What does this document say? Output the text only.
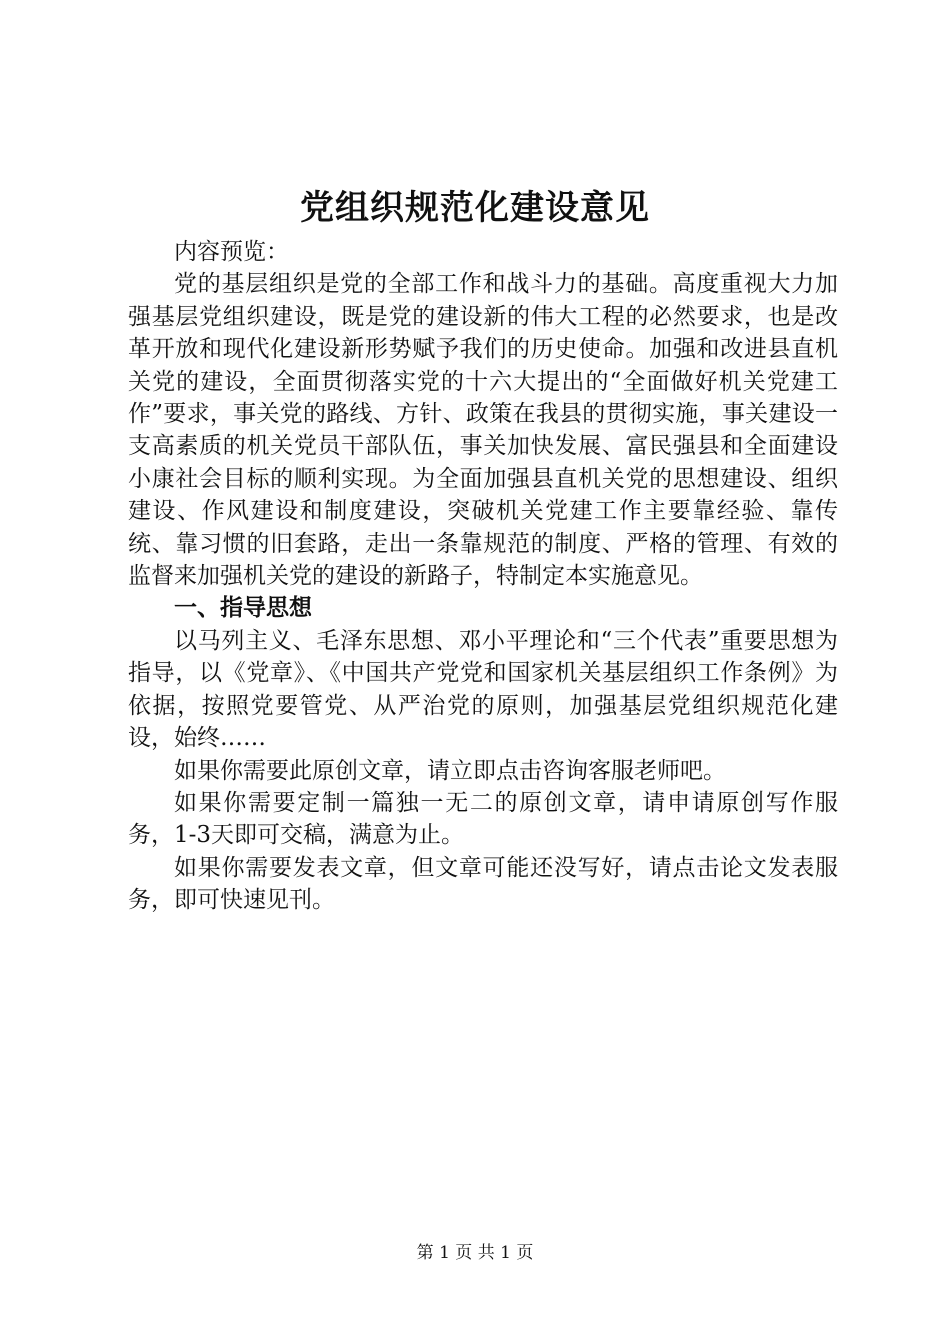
党组织规范化建设意见

内容预览：

党的基层组织是党的全部工作和战斗力的基础。高度重视大力加强基层党组织建设，既是党的建设新的伟大工程的必然要求，也是改革开放和现代化建设新形势赋予我们的历史使命。加强和改进县直机关党的建设，全面贯彻落实党的十六大提出的“全面做好机关党建工作”要求，事关党的路线、方针、政策在我县的贯彻实施，事关建设一支高素质的机关党员干部队伍，事关加快发展、富民强县和全面建设小康社会目标的顺利实现。为全面加强县直机关党的思想建设、组织建设、作风建设和制度建设，突破机关党建工作主要靠经验、靠传统、靠习惯的旧套路，走出一条靠规范的制度、严格的管理、有效的监督来加强机关党的建设的新路子，特制定本实施意见。

一、指导思想

以马列主义、毛泽东思想、邓小平理论和“三个代表”重要思想为指导，以《党章》、《中国共产党党和国家机关基层组织工作条例》为依据，按照党要管党、从严治党的原则，加强基层党组织规范化建设，始终……

如果你需要此原创文章，请立即点击咨询客服老师吧。

如果你需要定制一篇独一无二的原创文章，请申请原创写作服务，1-3天即可交稿，满意为止。

如果你需要发表文章，但文章可能还没写好，请点击论文发表服务，即可快速见刊。

第 1 页 共 1 页
